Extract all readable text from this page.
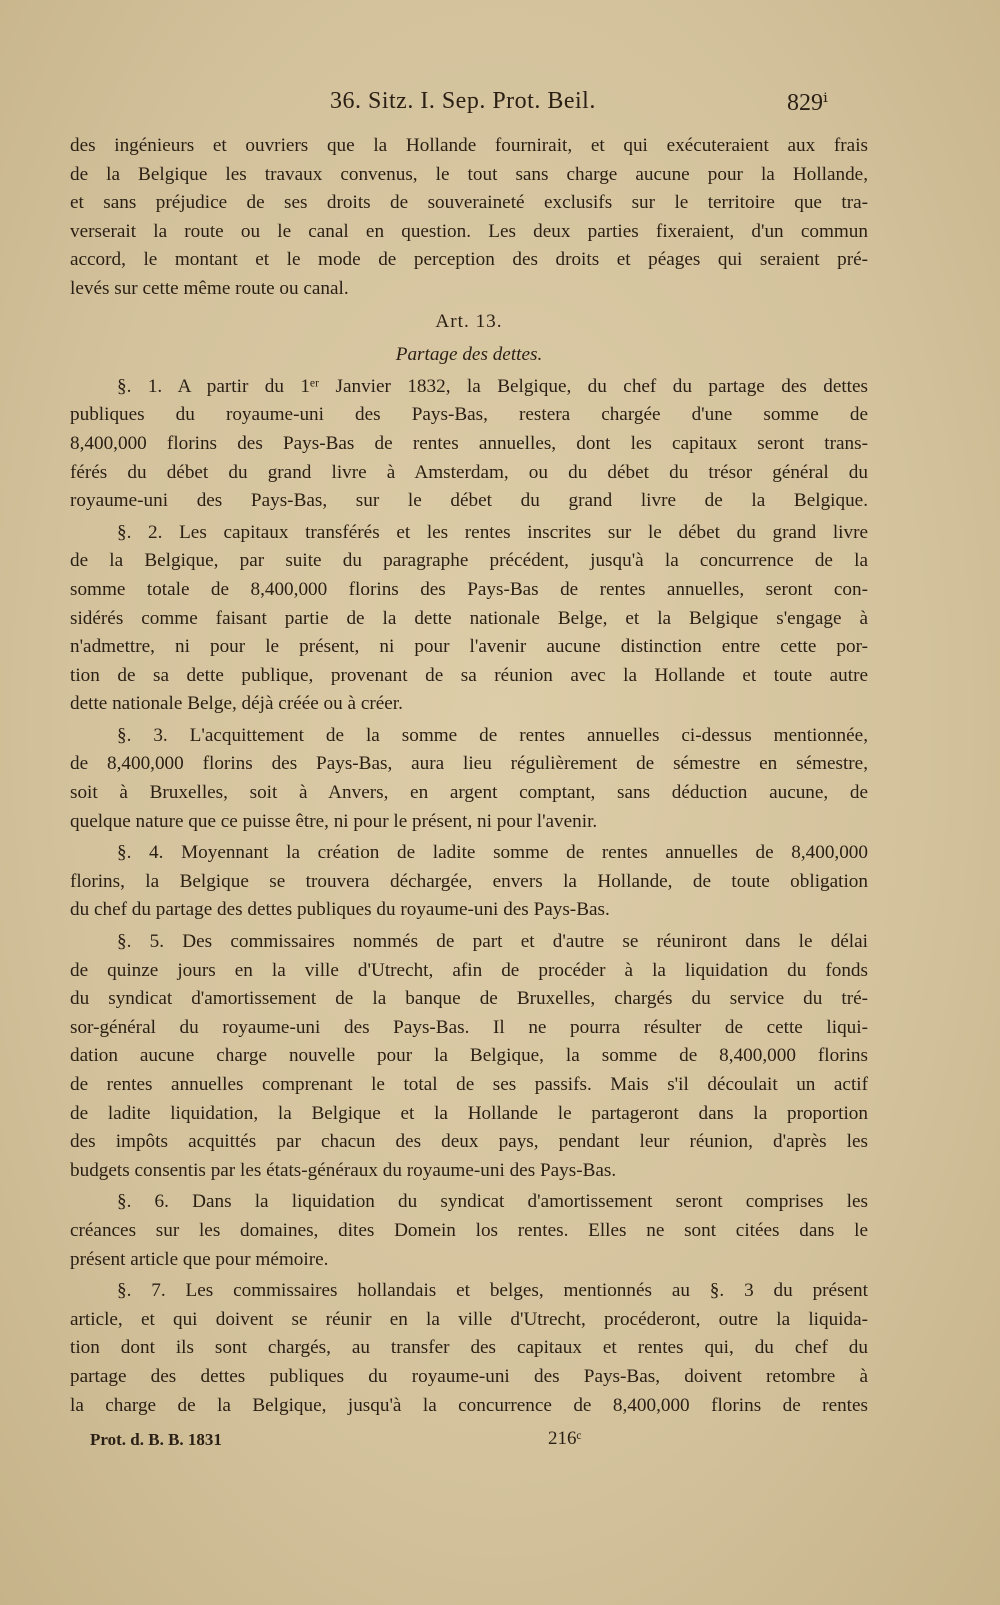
36. Sitz. I. Sep. Prot. Beil.	829ⁱ

des ingénieurs et ouvriers que la Hollande fournirait, et qui exécuteraient aux frais

de la Belgique les travaux convenus, le tout sans charge aucune pour la Hollande,

et sans préjudice de ses droits de souveraineté exclusifs sur le territoire que tra-

verserait la route ou le canal en question. Les deux parties fixeraient, d'un commun

accord, le montant et le mode de perception des droits et péages qui seraient pré-

levés sur cette même route ou canal.

Art. 13.
Partage des dettes.

§. 1. A partir du 1ᵉʳ Janvier 1832, la Belgique, du chef du partage des dettes

publiques du royaume-uni des Pays-Bas, restera chargée d'une somme de

8,400,000 florins des Pays-Bas de rentes annuelles, dont les capitaux seront trans-

férés du débet du grand livre à Amsterdam, ou du débet du trésor général du

royaume-uni des Pays-Bas, sur le débet du grand livre de la Belgique.

§. 2. Les capitaux transférés et les rentes inscrites sur le débet du grand livre

de la Belgique, par suite du paragraphe précédent, jusqu'à la concurrence de la

somme totale de 8,400,000 florins des Pays-Bas de rentes annuelles, seront con-

sidérés comme faisant partie de la dette nationale Belge, et la Belgique s'engage à

n'admettre, ni pour le présent, ni pour l'avenir aucune distinction entre cette por-

tion de sa dette publique, provenant de sa réunion avec la Hollande et toute autre

dette nationale Belge, déjà créée ou à créer.

§. 3. L'acquittement de la somme de rentes annuelles ci-dessus mentionnée,

de 8,400,000 florins des Pays-Bas, aura lieu régulièrement de sémestre en sémestre,

soit à Bruxelles, soit à Anvers, en argent comptant, sans déduction aucune, de

quelque nature que ce puisse être, ni pour le présent, ni pour l'avenir.

§. 4. Moyennant la création de ladite somme de rentes annuelles de 8,400,000

florins, la Belgique se trouvera déchargée, envers la Hollande, de toute obligation

du chef du partage des dettes publiques du royaume-uni des Pays-Bas.

§. 5. Des commissaires nommés de part et d'autre se réuniront dans le délai

de quinze jours en la ville d'Utrecht, afin de procéder à la liquidation du fonds

du syndicat d'amortissement de la banque de Bruxelles, chargés du service du tré-

sor-général du royaume-uni des Pays-Bas. Il ne pourra résulter de cette liqui-

dation aucune charge nouvelle pour la Belgique, la somme de 8,400,000 florins

de rentes annuelles comprenant le total de ses passifs. Mais s'il découlait un actif

de ladite liquidation, la Belgique et la Hollande le partageront dans la proportion

des impôts acquittés par chacun des deux pays, pendant leur réunion, d'après les

budgets consentis par les états-généraux du royaume-uni des Pays-Bas.

§. 6. Dans la liquidation du syndicat d'amortissement seront comprises les

créances sur les domaines, dites Domein los rentes. Elles ne sont citées dans le

présent article que pour mémoire.

§. 7. Les commissaires hollandais et belges, mentionnés au §. 3 du présent

article, et qui doivent se réunir en la ville d'Utrecht, procéderont, outre la liquida-

tion dont ils sont chargés, au transfer des capitaux et rentes qui, du chef du

partage des dettes publiques du royaume-uni des Pays-Bas, doivent retombre à

la charge de la Belgique, jusqu'à la concurrence de 8,400,000 florins de rentes

Prot. d. B. B. 1831	216ᶜ
